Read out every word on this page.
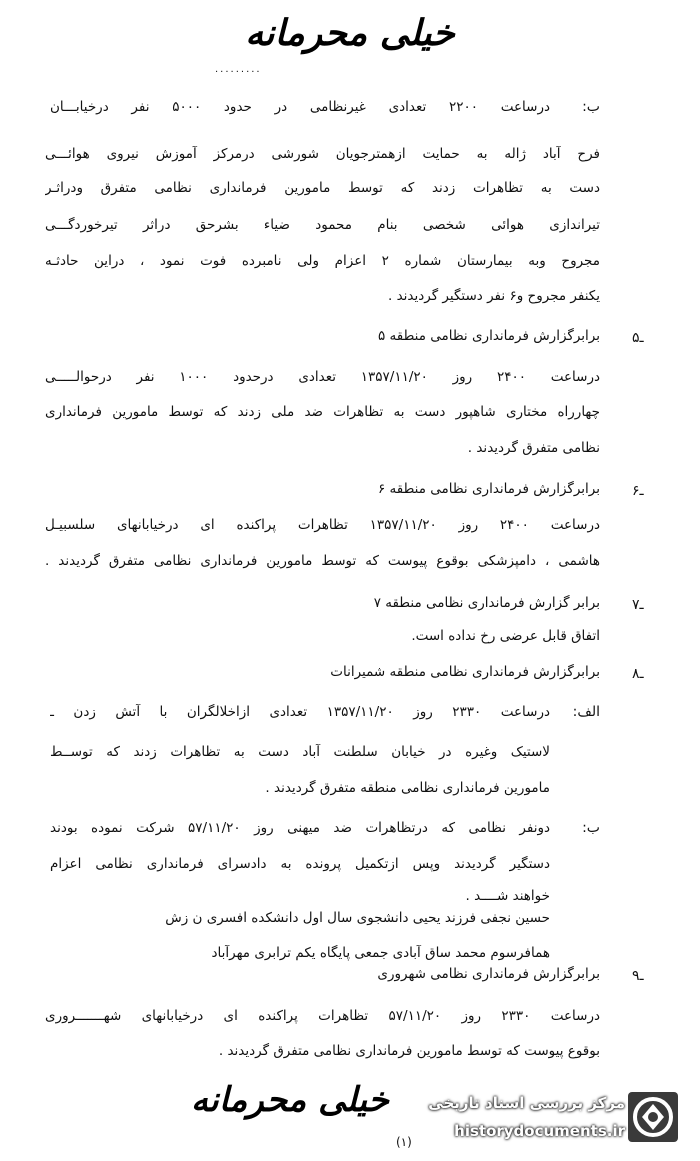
خیلی محرمانه
.........
ب:
درساعت ۲۲۰۰ تعدادی غیرنظامی در حدود ۵۰۰۰ نفر درخیابـــان
فرح آباد ژاله به حمایت ازهمترجویان شورشی درمرکز آموزش نیروی هوائـــی
دست به تظاهرات زدند که توسط مامورین فرمانداری نظامی متفرق ودراثـر
تیراندازی هوائی شخصی بنام محمود ضیاء بشرحق دراثر تیرخوردگـــی
مجروح وبه بیمارستان شماره ۲ اعزام ولی نامبرده فوت نمود ، دراین حادثـه
یکنفر مجروح و۶ نفر دستگیر گردیدند .
۵ـ
برابرگزارش فرمانداری نظامی منطقه ۵
درساعت ۲۴۰۰ روز ۱۳۵۷/۱۱/۲۰ تعدادی درحدود ۱۰۰۰ نفر درحوالـــــی
چهارراه مختاری شاهپور دست به تظاهرات ضد ملی زدند که توسط مامورین فرمانداری
نظامی متفرق گردیدند .
۶ـ
برابرگزارش فرمانداری نظامی منطقه ۶
درساعت ۲۴۰۰ روز ۱۳۵۷/۱۱/۲۰ تظاهرات پراکنده ای درخیابانهای سلسبیـل
هاشمی ، دامپزشکی بوقوع پیوست که توسط مامورین فرمانداری نظامی متفرق گردیدند .
۷ـ
برابر گزارش فرمانداری نظامی منطقه ۷
اتفاق قابل عرضی رخ نداده است.
۸ـ
برابرگزارش فرمانداری نظامی منطقه شمیرانات
الف:
درساعت ۲۳۳۰ روز ۱۳۵۷/۱۱/۲۰ تعدادی ازاخلالگران با آتش زدن ـ
لاستیک وغیره در خیابان سلطنت آباد دست به تظاهرات زدند که توســط
مامورین فرمانداری نظامی منطقه متفرق گردیدند .
ب:
دونفر نظامی که درتظاهرات ضد میهنی روز ۵۷/۱۱/۲۰ شرکت نموده بودند
دستگیر گردیدند وپس ازتکمیل پرونده به دادسرای فرمانداری نظامی اعزام
خواهند شــــد .
حسین نجفی فرزند یحیی دانشجوی سال اول دانشکده افسری ن زش
همافرسوم محمد ساق آبادی جمعی پایگاه یکم ترابری مهرآباد
۹ـ
برابرگزارش فرمانداری نظامی شهروری
درساعت ۲۳۳۰ روز ۵۷/۱۱/۲۰ تظاهرات پراکنده ای درخیابانهای شهـــــــروری
بوقوع پیوست که توسط مامورین فرمانداری نظامی متفرق گردیدند .
خیلی محرمانه
(۱)
مرکز بررسی اسناد تاریخی
historydocuments.ir
